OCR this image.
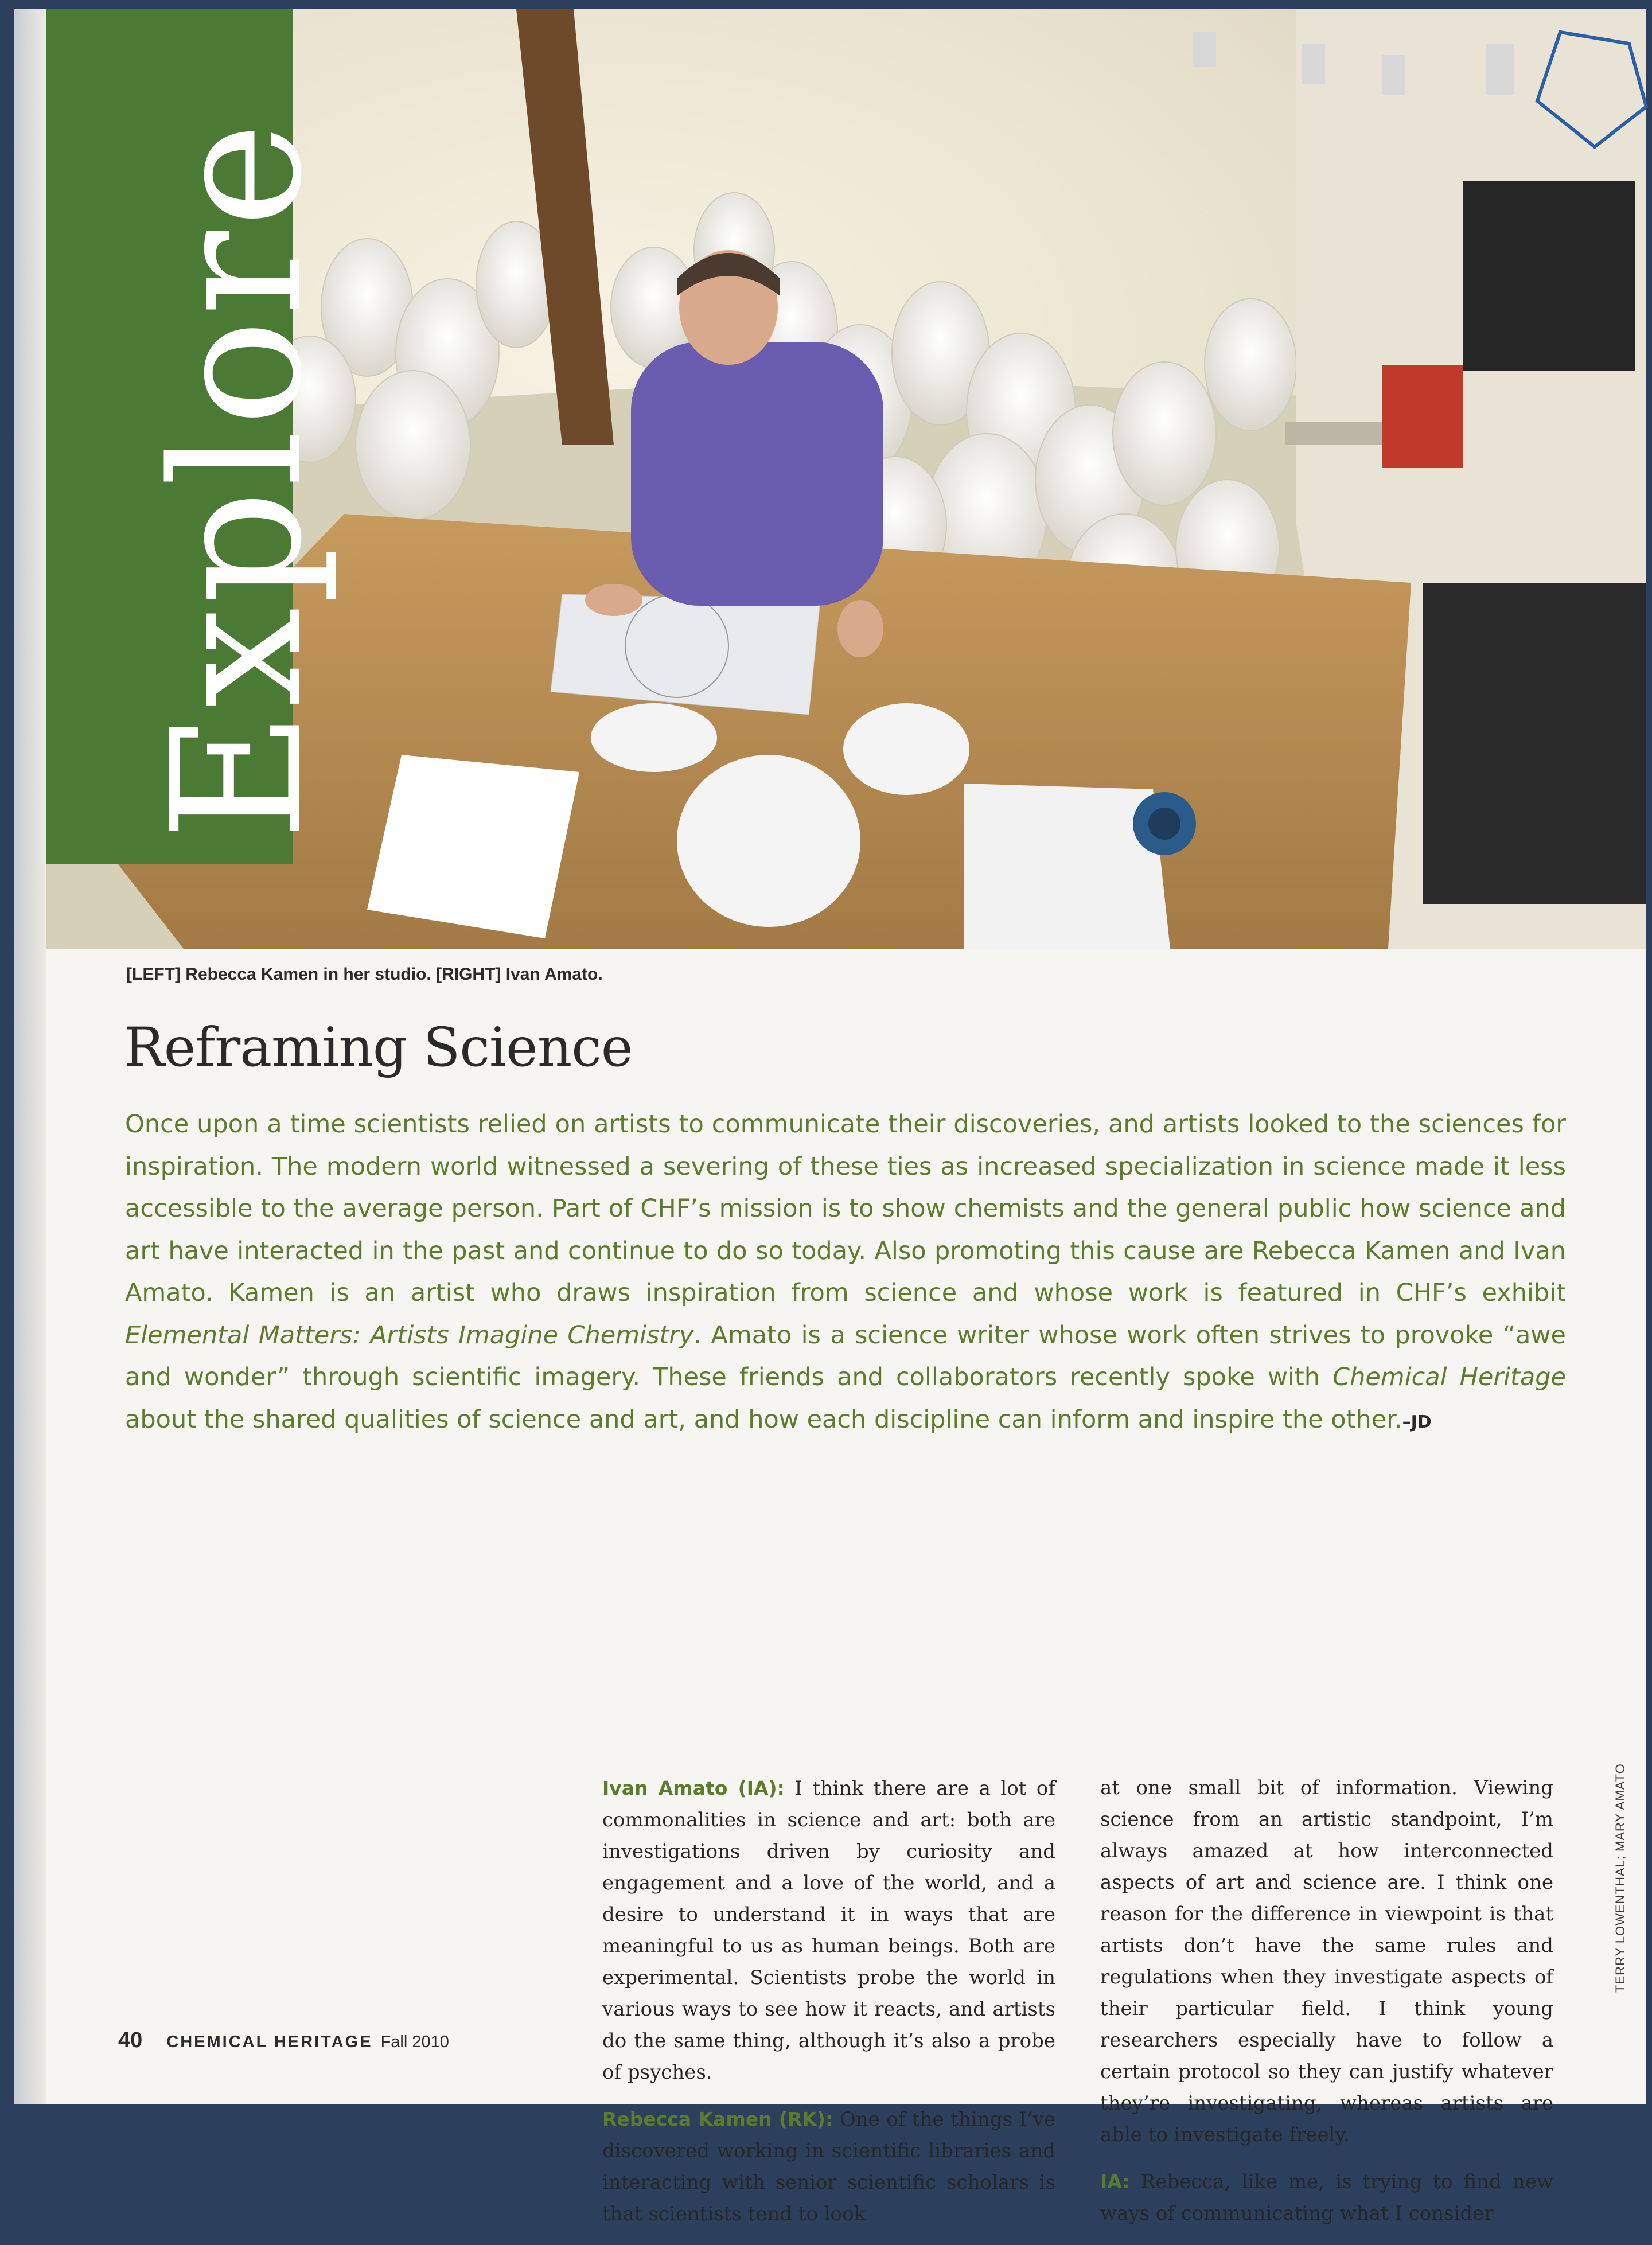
Explore
[LEFT] Rebecca Kamen in her studio. [RIGHT] Ivan Amato.
Reframing Science
Once upon a time scientists relied on artists to communicate their discoveries, and artists looked to the sciences for inspiration. The modern world witnessed a severing of these ties as increased specialization in science made it less accessible to the average person. Part of CHF’s mission is to show chemists and the general public how science and art have interacted in the past and continue to do so today. Also promoting this cause are Rebecca Kamen and Ivan Amato. Kamen is an artist who draws inspiration from science and whose work is featured in CHF’s exhibit Elemental Matters: Artists Imagine Chemistry. Amato is a science writer whose work often strives to provoke “awe and wonder” through scientific imagery. These friends and collaborators recently spoke with Chemical Heritage about the shared qualities of science and art, and how each discipline can inform and inspire the other.–JD

Ivan Amato (IA): I think there are a lot of commonalities in science and art: both are investigations driven by curiosity and engagement and a love of the world, and a desire to understand it in ways that are meaningful to us as human beings. Both are experimental. Scientists probe the world in various ways to see how it reacts, and artists do the same thing, although it’s also a probe of psyches.

Rebecca Kamen (RK): One of the things I’ve discovered working in scientific libraries and interacting with senior scientific scholars is that scientists tend to look

at one small bit of information. Viewing science from an artistic standpoint, I’m always amazed at how interconnected aspects of art and science are. I think one reason for the difference in viewpoint is that artists don’t have the same rules and regulations when they investigate aspects of their particular field. I think young researchers especially have to follow a certain protocol so they can justify whatever they’re investigating, whereas artists are able to investigate freely.

IA: Rebecca, like me, is trying to find new ways of communicating what I consider

TERRY LOWENTHAL; MARY AMATO
40 CHEMICAL HERITAGE Fall 2010
